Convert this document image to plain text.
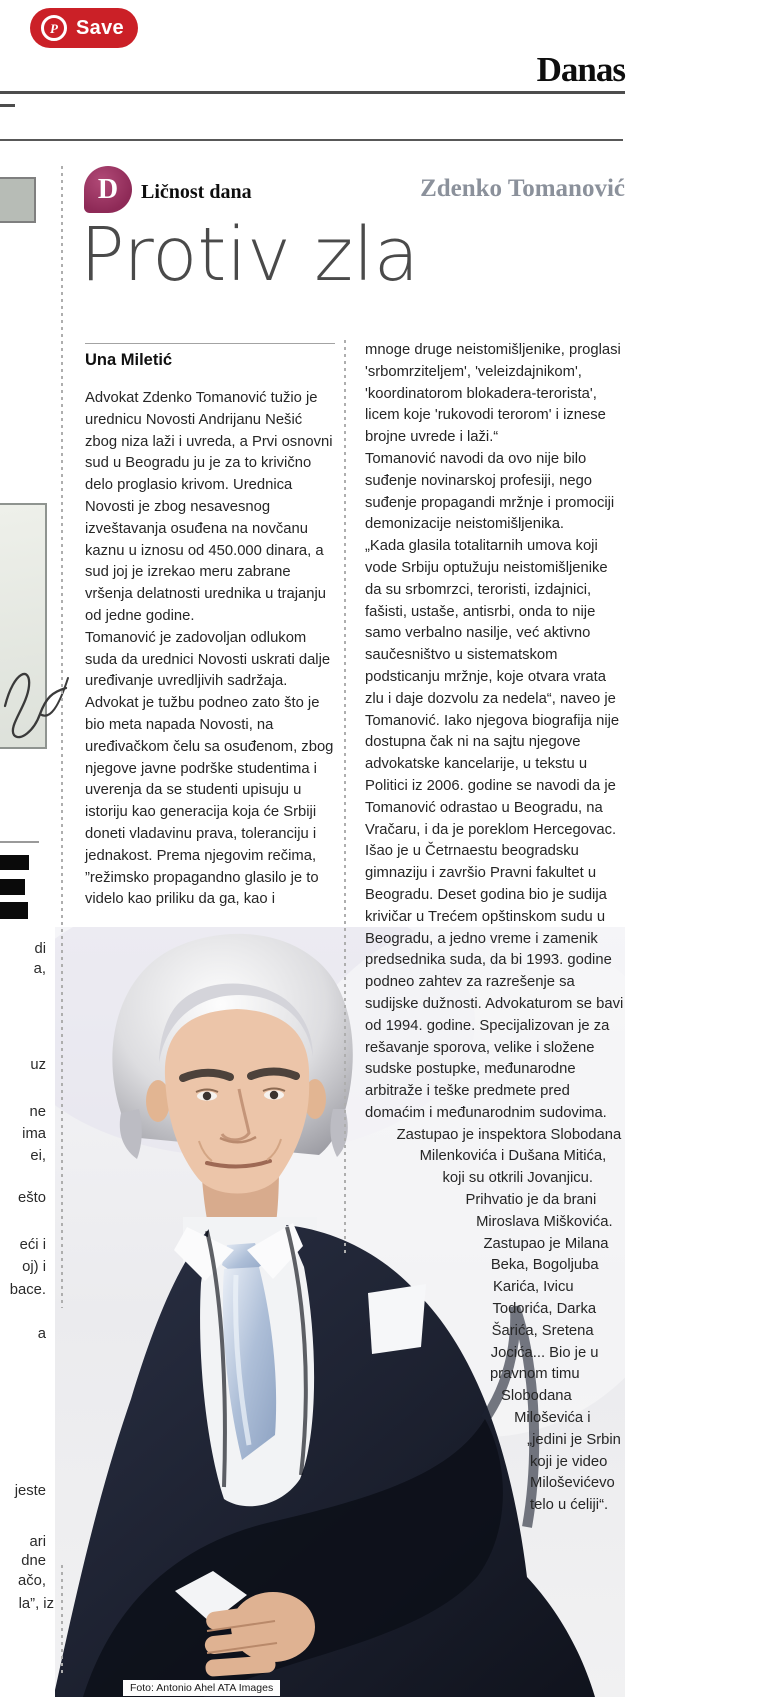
P Save
Danas
D	Ličnost dana	Zdenko Tomanović
Protiv zla
Una Miletić

Advokat Zdenko Tomanović tužio je urednicu Novosti Andrijanu Nešić zbog niza laži i uvreda, a Prvi osnovni sud u Beogradu ju je za to krivično delo proglasio krivom. Urednica Novosti je zbog nesavesnog izveštavanja osuđena na novčanu kaznu u iznosu od 450.000 dinara, a sud joj je izrekao meru zabrane vršenja delatnosti urednika u trajanju od jedne godine.

Tomanović je zadovoljan odlukom suda da urednici Novosti uskrati dalje uređivanje uvredljivih sadržaja. Advokat je tužbu podneo zato što je bio meta napada Novosti, na uređivačkom čelu sa osuđenom, zbog njegove javne podrške studentima i uverenja da se studenti upisuju u istoriju kao generacija koja će Srbiji doneti vladavinu prava, toleranciju i jednakost. Prema njegovim rečima, ”režimsko propagandno glasilo je to videlo kao priliku da ga, kao i

mnoge druge neistomišljenike, proglasi 'srbomrziteljem', 'veleizdajnikom', 'koordinatorom blokadera-terorista', licem koje 'rukovodi terorom' i iznese brojne uvrede i laži.“

Tomanović navodi da ovo nije bilo suđenje novinarskoj profesiji, nego suđenje propagandi mržnje i promociji demonizacije neistomišljenika.

„Kada glasila totalitarnih umova koji vode Srbiju optužuju neistomišljenike da su srbomrzci, teroristi, izdajnici, fašisti, ustaše, antisrbi, onda to nije samo verbalno nasilje, već aktivno saučesništvo u sistematskom podsticanju mržnje, koje otvara vrata zlu i daje dozvolu za nedela“, naveo je Tomanović. Iako njegova biografija nije dostupna čak ni na sajtu njegove advokatske kancelarije, u tekstu u Politici iz 2006. godine se navodi da je Tomanović odrastao u Beogradu, na Vračaru, i da je poreklom Hercegovac. Išao je u Četrnaestu beogradsku gimnaziju i završio Pravni fakultet u Beogradu. Deset godina bio je sudija krivičar u Trećem opštinskom sudu u Beogradu, a jedno vreme i zamenik predsednika suda, da bi 1993. godine podneo zahtev za razrešenje sa sudijske dužnosti. Advokaturom se bavi od 1994. godine. Specijalizovan je za rešavanje sporova, velike i složene sudske postupke, međunarodne arbitraže i teške predmete pred domaćim i međunarodnim sudovima.

Zastupao je inspektora Slobodana Milenkovića i Dušana Mitića, koji su otkrili Jovanjicu. Prihvatio je da brani Miroslava Miškovića. Zastupao je Milana Beka, Bogoljuba Karića, Ivicu Todorića, Darka Šarića, Sretena Jocića... Bio je u pravnom timu Slobodana Miloševića i „jedini je Srbin koji je video Miloševićevo telo u ćeliji“.

di
a,
uz
ne
ima
ei,
ešto
eći i
oj) i
bace.
a
jeste
ari
dne
ačo,
la”, iz
Foto: Antonio Ahel ATA Images
